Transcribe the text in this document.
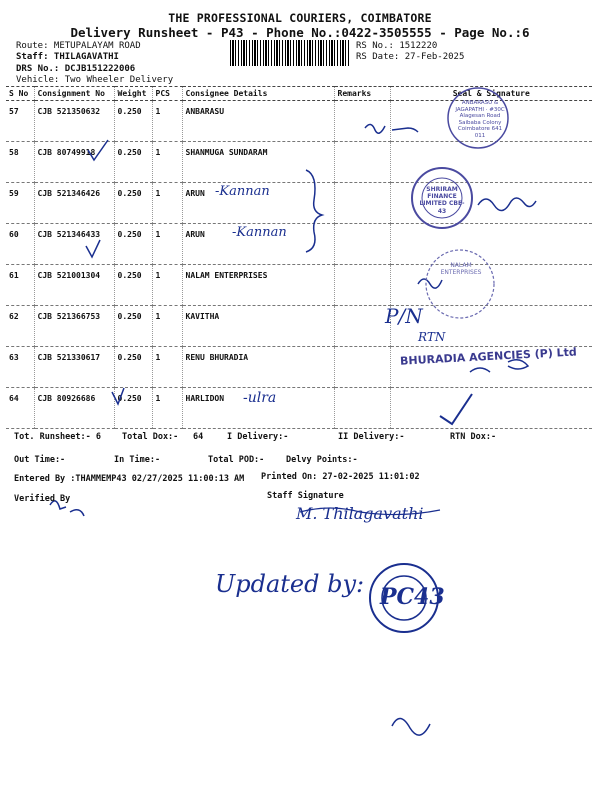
THE PROFESSIONAL COURIERS, COIMBATORE
Delivery Runsheet - P43 - Phone No.:0422-3505555 - Page No.:6
Route: METUPALAYAM ROAD
Staff: THILAGAVATHI
DRS No.: DCJB151222006
Vehicle: Two Wheeler Delivery
RS No.: 1512220
RS Date: 27-Feb-2025
S No	Consignment No	Weight	PCS	Consignee Details	Remarks	Seal & Signature
57	CJB 521350632	0.250	1	ANBARASU		
58	CJB 80749918	0.250	1	SHANMUGA SUNDARAM		
59	CJB 521346426	0.250	1	ARUN		
60	CJB 521346433	0.250	1	ARUN		
61	CJB 521001304	0.250	1	NALAM ENTERPRISES		
62	CJB 521366753	0.250	1	KAVITHA		
63	CJB 521330617	0.250	1	RENU BHURADIA		
64	CJB 80926686	0.250	1	HARLIDON		
ANBARASU & JAGAPATHI · #30C Alagesan Road Saibaba Colony Coimbatore 641 011
SHRIRAM FINANCE LIMITED CBE-43
NALAM ENTERPRISES
BHURADIA AGENCIES (P) Ltd
-Kannan
-Kannan
-ulra
P/N
RTN
Tot. Runsheet:- 6 Total Dox:- 64	I Delivery:-	II Delivery:-	RTN Dox:-
Out Time:-	In Time:-	Total POD:-	Delvy Points:-
Entered By :THAMMEMP43 02/27/2025 11:00:13 AM Printed On: 27-02-2025 11:01:02
Verified By	Staff Signature
M. Thilagavathi
Updated by: PC43
